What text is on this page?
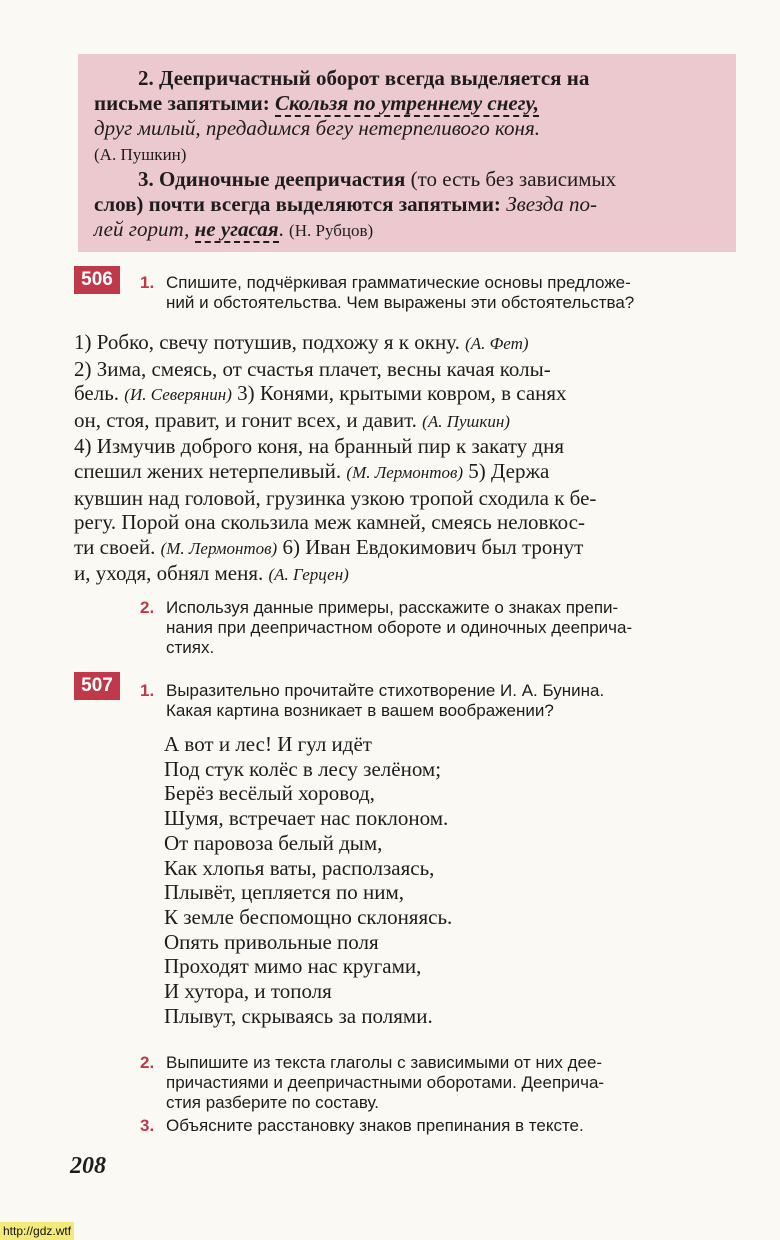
2. Деепричастный оборот всегда выделяется на
письме запятыми: Скользя по утреннему снегу,
друг милый, предадимся бегу нетерпеливого коня.
(А. Пушкин)
3. Одиночные деепричастия (то есть без зависимых
слов) почти всегда выделяются запятыми: Звезда по-
лей горит, не угасая. (Н. Рубцов)
506	1. Спишите, подчёркивая грамматические основы предложе-
ний и обстоятельства. Чем выражены эти обстоятельства?
1) Робко, свечу потушив, подхожу я к окну. (А. Фет)
2) Зима, смеясь, от счастья плачет, весны качая колы-
бель. (И. Северянин) 3) Конями, крытыми ковром, в санях
он, стоя, правит, и гонит всех, и давит. (А. Пушкин)
4) Измучив доброго коня, на бранный пир к закату дня
спешил жених нетерпеливый. (М. Лермонтов) 5) Держа
кувшин над головой, грузинка узкою тропой сходила к бе-
регу. Порой она скользила меж камней, смеясь неловкос-
ти своей. (М. Лермонтов) 6) Иван Евдокимович был тронут
и, уходя, обнял меня. (А. Герцен)
2. Используя данные примеры, расскажите о знаках препи-
нания при деепричастном обороте и одиночных дееприча-
стиях.
507	1. Выразительно прочитайте стихотворение И. А. Бунина.
Какая картина возникает в вашем воображении?
А вот и лес! И гул идёт
Под стук колёс в лесу зелёном;
Берёз весёлый хоровод,
Шумя, встречает нас поклоном.
От паровоза белый дым,
Как хлопья ваты, расползаясь,
Плывёт, цепляется по ним,
К земле беспомощно склоняясь.
Опять привольные поля
Проходят мимо нас кругами,
И хутора, и тополя
Плывут, скрываясь за полями.
2. Выпишите из текста глаголы с зависимыми от них дее-
причастиями и деепричастными оборотами. Дееприча-
стия разберите по составу.
3. Объясните расстановку знаков препинания в тексте.
208
http://gdz.wtf
